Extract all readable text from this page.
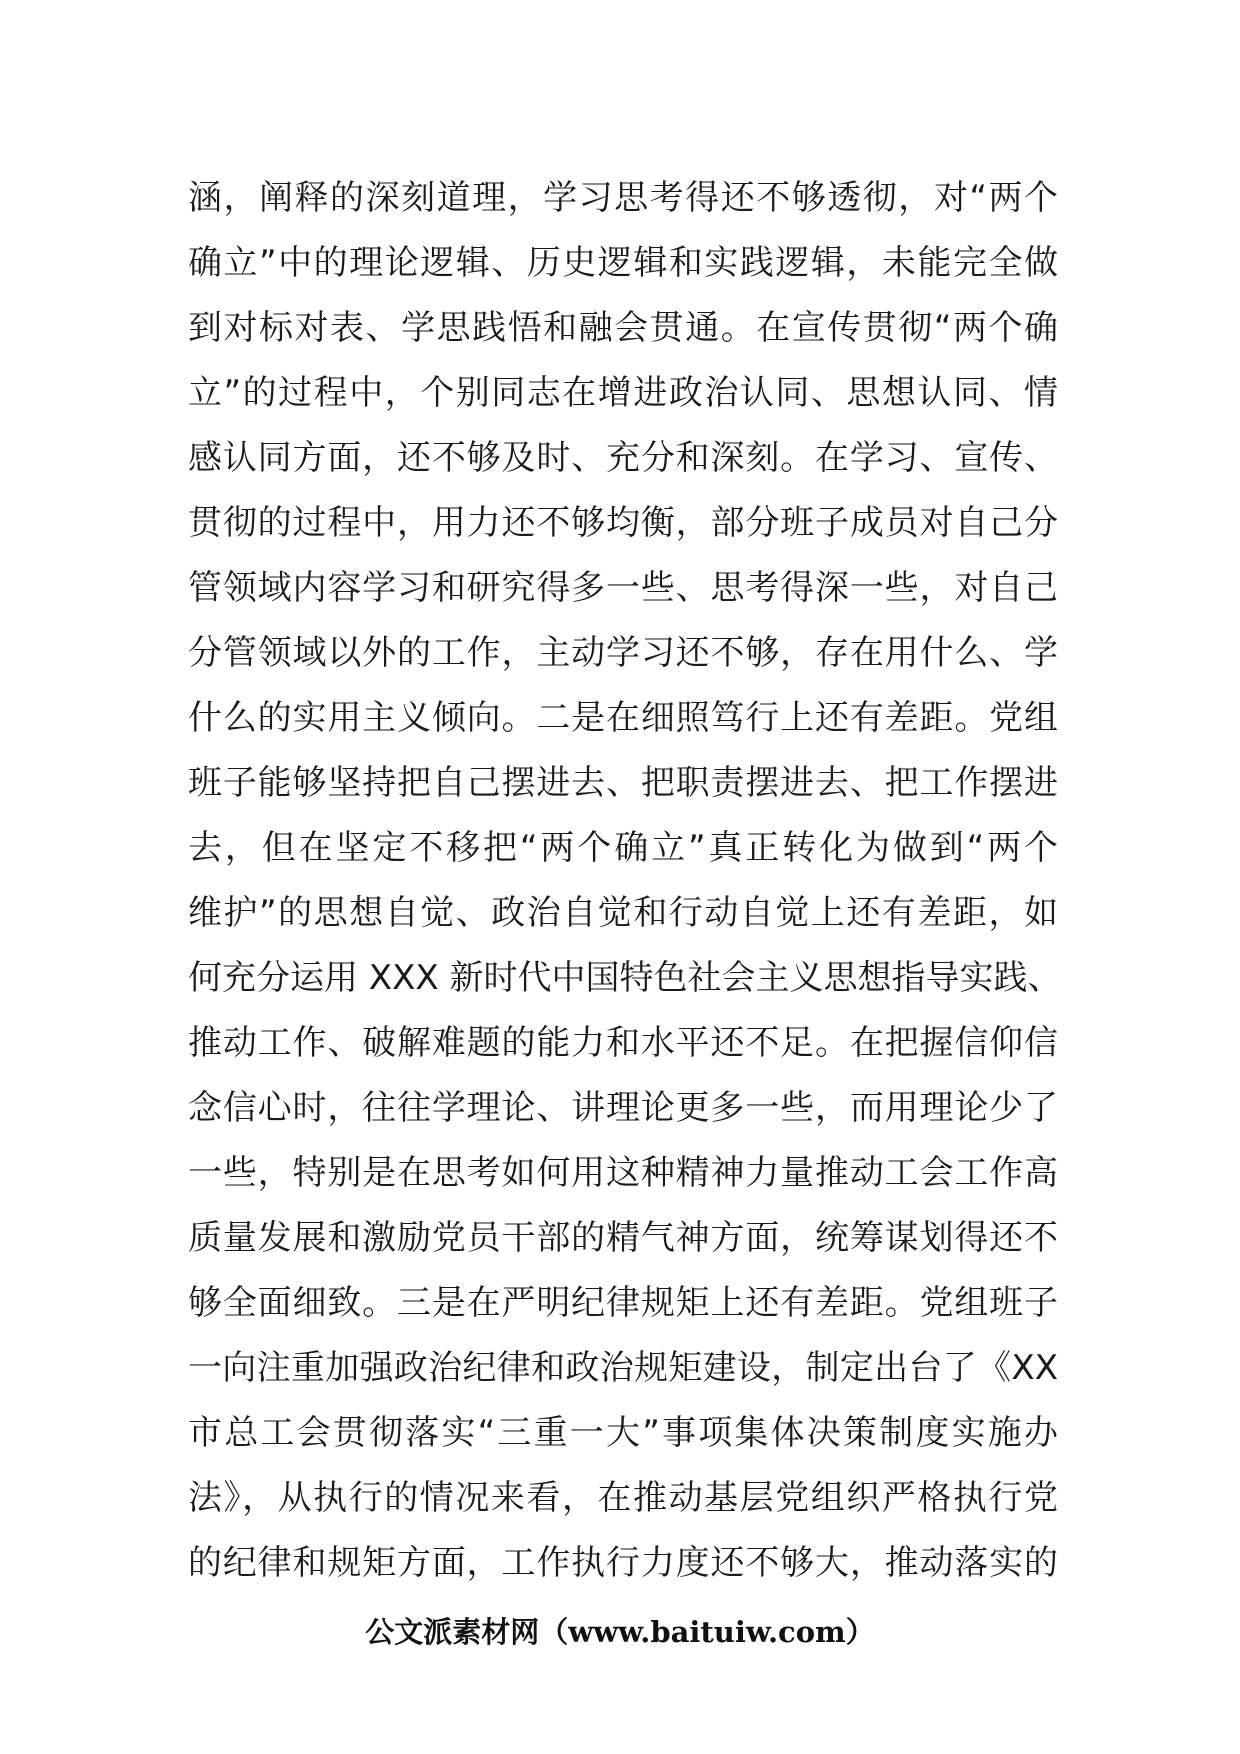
涵，阐释的深刻道理，学习思考得还不够透彻，对“两个
确立”中的理论逻辑、历史逻辑和实践逻辑，未能完全做
到对标对表、学思践悟和融会贯通。在宣传贯彻“两个确
立”的过程中，个别同志在增进政治认同、思想认同、情
感认同方面，还不够及时、充分和深刻。在学习、宣传、
贯彻的过程中，用力还不够均衡，部分班子成员对自己分
管领域内容学习和研究得多一些、思考得深一些，对自己
分管领域以外的工作，主动学习还不够，存在用什么、学
什么的实用主义倾向。二是在细照笃行上还有差距。党组
班子能够坚持把自己摆进去、把职责摆进去、把工作摆进
去，但在坚定不移把“两个确立”真正转化为做到“两个
维护”的思想自觉、政治自觉和行动自觉上还有差距，如
何充分运用 XXX 新时代中国特色社会主义思想指导实践、
推动工作、破解难题的能力和水平还不足。在把握信仰信
念信心时，往往学理论、讲理论更多一些，而用理论少了
一些，特别是在思考如何用这种精神力量推动工会工作高
质量发展和激励党员干部的精气神方面，统筹谋划得还不
够全面细致。三是在严明纪律规矩上还有差距。党组班子
一向注重加强政治纪律和政治规矩建设，制定出台了《XX
市总工会贯彻落实“三重一大”事项集体决策制度实施办
法》，从执行的情况来看，在推动基层党组织严格执行党
的纪律和规矩方面，工作执行力度还不够大，推动落实的
公文派素材网（www.baituiw.com）
